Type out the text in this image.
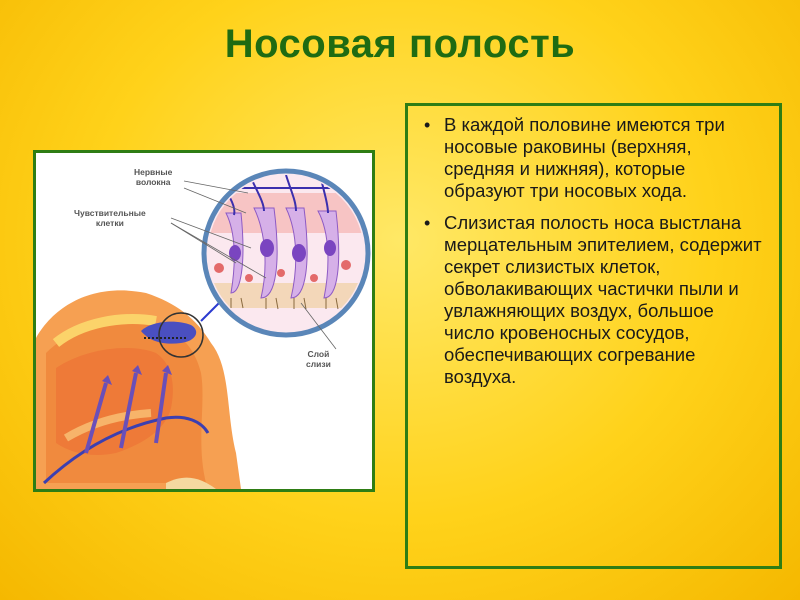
Носовая полость
Нервные
волокна
Чувствительные
клетки
Слой
слизи
• В каждой половине имеются три носовые раковины (верхняя, средняя и нижняя), которые образуют три носовых хода.
• Слизистая полость носа выстлана мерцательным эпителием, содержит секрет слизистых клеток, обволакивающих частички пыли и увлажняющих воздух, большое число кровеносных сосудов, обеспечивающих согревание воздуха.
